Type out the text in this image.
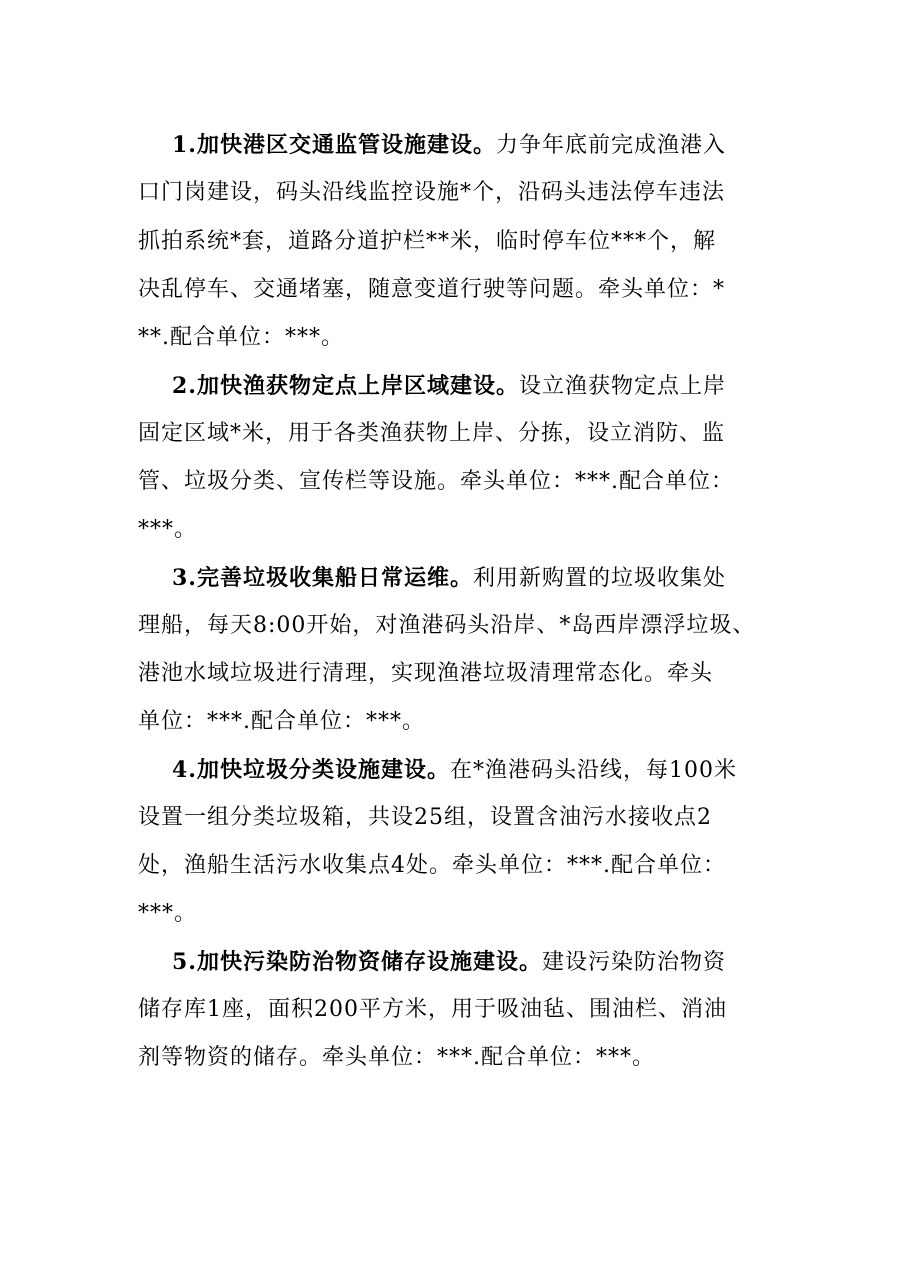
1.加快港区交通监管设施建设。力争年底前完成渔港入
口门岗建设，码头沿线监控设施*个，沿码头违法停车违法
抓拍系统*套，道路分道护栏**米，临时停车位***个，解
决乱停车、交通堵塞，随意变道行驶等问题。牵头单位：*
**.配合单位：***。
2.加快渔获物定点上岸区域建设。设立渔获物定点上岸
固定区域*米，用于各类渔获物上岸、分拣，设立消防、监
管、垃圾分类、宣传栏等设施。牵头单位：***.配合单位：
***。
3.完善垃圾收集船日常运维。利用新购置的垃圾收集处
理船，每天8:00开始，对渔港码头沿岸、*岛西岸漂浮垃圾、
港池水域垃圾进行清理，实现渔港垃圾清理常态化。牵头
单位：***.配合单位：***。
4.加快垃圾分类设施建设。在*渔港码头沿线，每100米
设置一组分类垃圾箱，共设25组，设置含油污水接收点2
处，渔船生活污水收集点4处。牵头单位：***.配合单位：
***。
5.加快污染防治物资储存设施建设。建设污染防治物资
储存库1座，面积200平方米，用于吸油毡、围油栏、消油
剂等物资的储存。牵头单位：***.配合单位：***。
